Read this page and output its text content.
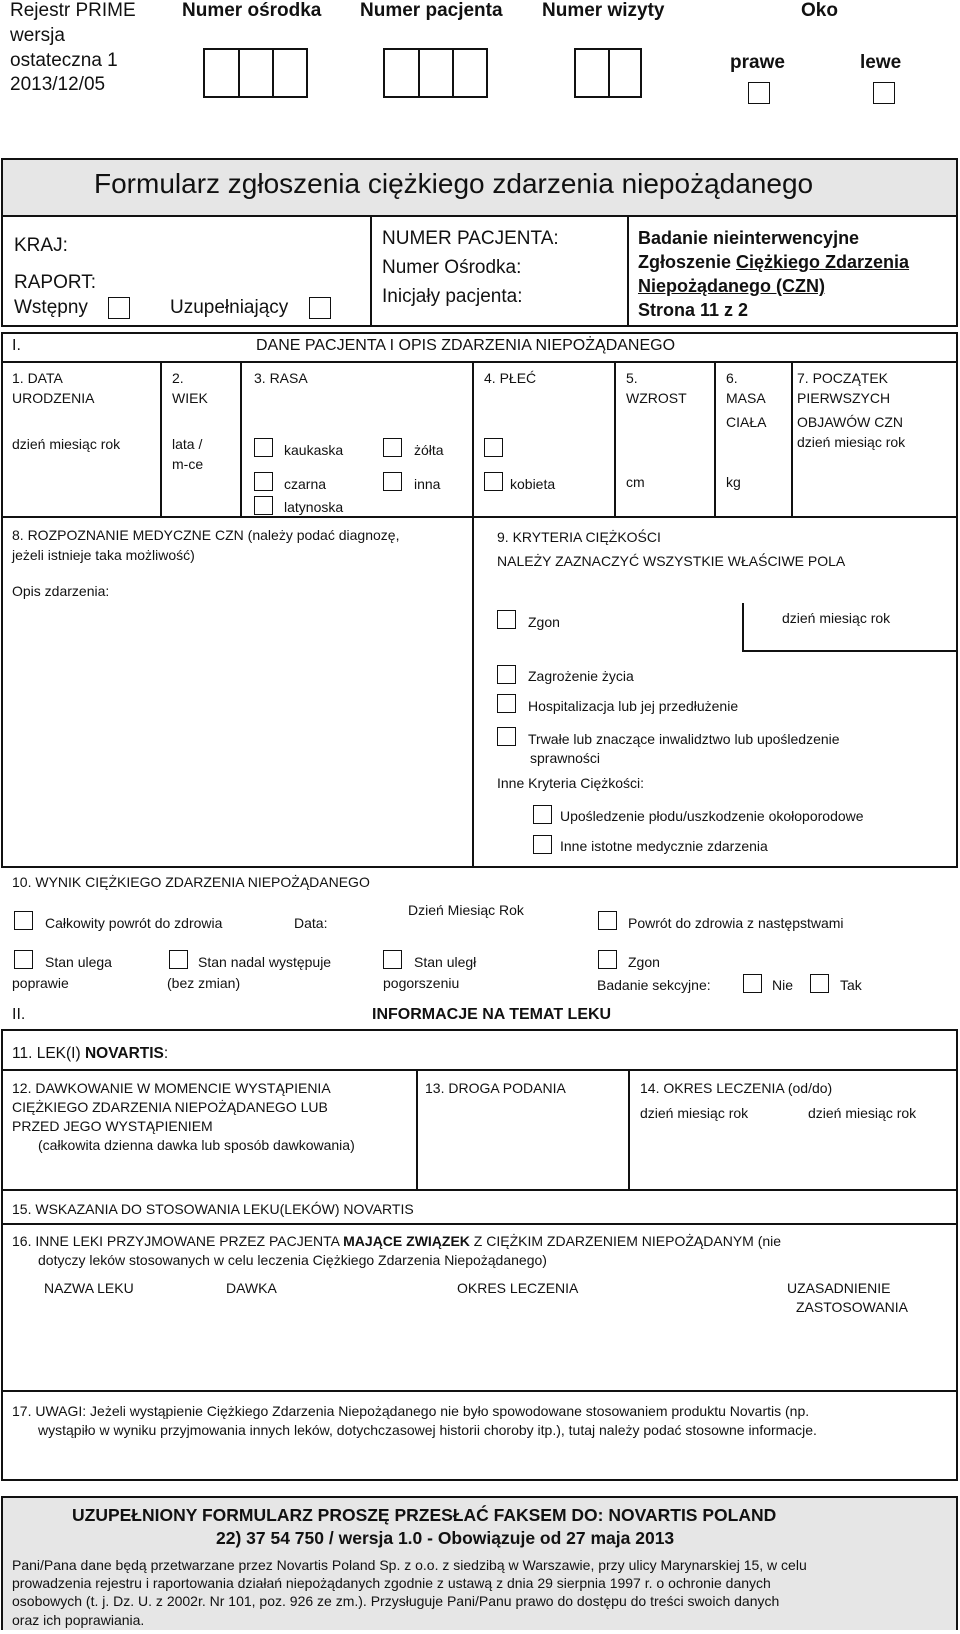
Rejestr PRIME
wersja
ostateczna 1
2013/12/05
Numer ośrodka Numer pacjenta Numer wizyty	Oko
prawe	lewe
Formularz zgłoszenia ciężkiego zdarzenia niepożądanego
KRAJ:
RAPORT:
Wstępny	Uzupełniający
NUMER PACJENTA:
Numer Ośrodka:
Inicjały pacjenta:
Badanie nieinterwencyjne
Zgłoszenie Ciężkiego Zdarzenia
Niepożądanego (CZN)
Strona 11 z 2
I.	DANE PACJENTA I OPIS ZDARZENIA NIEPOŻĄDANEGO
1. DATA
URODZENIA
dzień miesiąc rok
2.
WIEK
lata /
m-ce
3. RASA
kaukaska	żółta
czarna	inna
latynoska
4. PŁEĆ
kobieta
5.
WZROST
cm
6.
MASA
CIAŁA
kg
7. POCZĄTEK
PIERWSZYCH
OBJAWÓW CZN
dzień miesiąc rok
8. ROZPOZNANIE MEDYCZNE CZN (należy podać diagnozę,
jeżeli istnieje taka możliwość)
Opis zdarzenia:
9. KRYTERIA CIĘŻKOŚCI
NALEŻY ZAZNACZYĆ WSZYSTKIE WŁAŚCIWE POLA
Zgon	dzień miesiąc rok
Zagrożenie życia
Hospitalizacja lub jej przedłużenie
Trwałe lub znaczące inwalidztwo lub upośledzenie
sprawności
Inne Kryteria Ciężkości:
Upośledzenie płodu/uszkodzenie okołoporodowe
Inne istotne medycznie zdarzenia
10. WYNIK CIĘŻKIEGO ZDARZENIA NIEPOŻĄDANEGO
Całkowity powrót do zdrowia	Data:
Dzień Miesiąc Rok
Powrót do zdrowia z następstwami
Stan ulega
poprawie
Stan nadal występuje
(bez zmian)
Stan uległ
pogorszeniu
Zgon
Badanie sekcyjne:	Nie	Tak
II.	INFORMACJE NA TEMAT LEKU
11. LEK(I) NOVARTIS:
12. DAWKOWANIE W MOMENCIE WYSTĄPIENIA
CIĘŻKIEGO ZDARZENIA NIEPOŻĄDANEGO LUB
PRZED JEGO WYSTĄPIENIEM
(całkowita dzienna dawka lub sposób dawkowania)
13. DROGA PODANIA	14. OKRES LECZENIA (od/do)
dzień miesiąc rok	dzień miesiąc rok
15. WSKAZANIA DO STOSOWANIA LEKU(LEKÓW) NOVARTIS
16. INNE LEKI PRZYJMOWANE PRZEZ PACJENTA MAJĄCE ZWIĄZEK Z CIĘŻKIM ZDARZENIEM NIEPOŻĄDANYM (nie
dotyczy leków stosowanych w celu leczenia Ciężkiego Zdarzenia Niepożądanego)
NAZWA LEKU	DAWKA	OKRES LECZENIA	UZASADNIENIE
ZASTOSOWANIA
17. UWAGI: Jeżeli wystąpienie Ciężkiego Zdarzenia Niepożądanego nie było spowodowane stosowaniem produktu Novartis (np.
wystąpiło w wyniku przyjmowania innych leków, dotychczasowej historii choroby itp.), tutaj należy podać stosowne informacje.
UZUPEŁNIONY FORMULARZ PROSZĘ PRZESŁAĆ FAKSEM DO: NOVARTIS POLAND
22) 37 54 750 / wersja 1.0 - Obowiązuje od 27 maja 2013
Pani/Pana dane będą przetwarzane przez Novartis Poland Sp. z o.o. z siedzibą w Warszawie, przy ulicy Marynarskiej 15, w celu
prowadzenia rejestru i raportowania działań niepożądanych zgodnie z ustawą z dnia 29 sierpnia 1997 r. o ochronie danych
osobowych (t. j. Dz. U. z 2002r. Nr 101, poz. 926 ze zm.). Przysługuje Pani/Panu prawo do dostępu do treści swoich danych
oraz ich poprawiania.
